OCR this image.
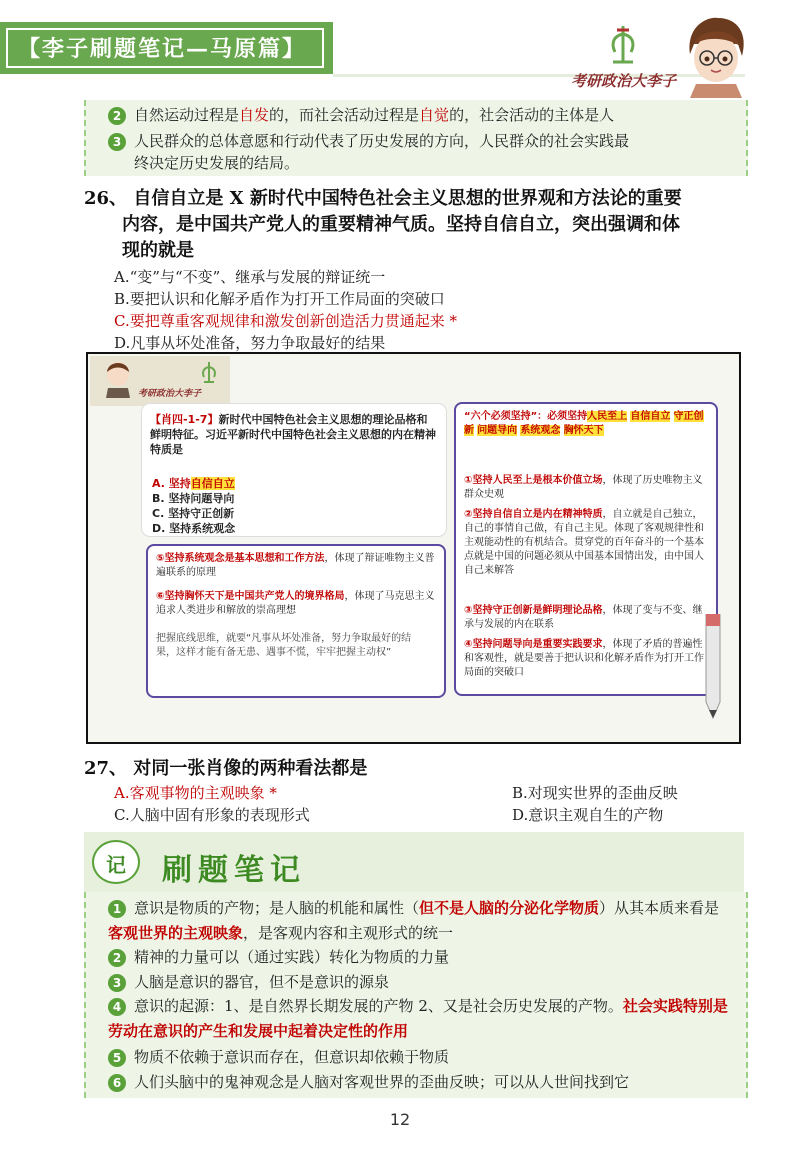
【李子刷题笔记—马原篇】
考研政治大李子
2 自然运动过程是自发的，而社会活动过程是自觉的，社会活动的主体是人
3 人民群众的总体意愿和行动代表了历史发展的方向，人民群众的社会实践最
终决定历史发展的结局。
26、 自信自立是 X 新时代中国特色社会主义思想的世界观和方法论的重要
内容，是中国共产党人的重要精神气质。坚持自信自立，突出强调和体
现的就是
A.“变”与“不变”、继承与发展的辩证统一
B.要把认识和化解矛盾作为打开工作局面的突破口
C.要把尊重客观规律和激发创新创造活力贯通起来 *
D.凡事从坏处准备，努力争取最好的结果
考研政治大李子

【肖四-1-7】新时代中国特色社会主义思想的理论品格和鲜明特征。习近平新时代中国特色社会主义思想的内在精神特质是

A. 坚持自信自立

B. 坚持问题导向

C. 坚持守正创新

D. 坚持系统观念

⑤坚持系统观念是基本思想和工作方法，体现了辩证唯物主义普遍联系的原理

⑥坚持胸怀天下是中国共产党人的境界格局，体现了马克思主义追求人类进步和解放的崇高理想

把握底线思维，就要“凡事从坏处准备，努力争取最好的结果，这样才能有备无患、遇事不慌，牢牢把握主动权”

“六个必须坚持”：必须坚持人民至上 自信自立 守正创新 问题导向 系统观念 胸怀天下

①坚持人民至上是根本价值立场，体现了历史唯物主义群众史观

②坚持自信自立是内在精神特质，自立就是自己独立，自己的事情自己做，有自己主见。体现了客观规律性和主观能动性的有机结合。贯穿党的百年奋斗的一个基本点就是中国的问题必须从中国基本国情出发，由中国人自己来解答

③坚持守正创新是鲜明理论品格，体现了变与不变、继承与发展的内在联系

④坚持问题导向是重要实践要求，体现了矛盾的普遍性和客观性，就是要善于把认识和化解矛盾作为打开工作局面的突破口

27、 对同一张肖像的两种看法都是
A.客观事物的主观映象 *	B.对现实世界的歪曲反映
C.人脑中固有形象的表现形式	D.意识主观自生的产物
记	刷题笔记
1 意识是物质的产物；是人脑的机能和属性（但不是人脑的分泌化学物质）从其本质来看是客观世界的主观映象，是客观内容和主观形式的统一
2 精神的力量可以（通过实践）转化为物质的力量
3 人脑是意识的器官，但不是意识的源泉
4 意识的起源：1、是自然界长期发展的产物 2、又是社会历史发展的产物。社会实践特别是劳动在意识的产生和发展中起着决定性的作用
5 物质不依赖于意识而存在，但意识却依赖于物质
6 人们头脑中的鬼神观念是人脑对客观世界的歪曲反映；可以从人世间找到它
12
